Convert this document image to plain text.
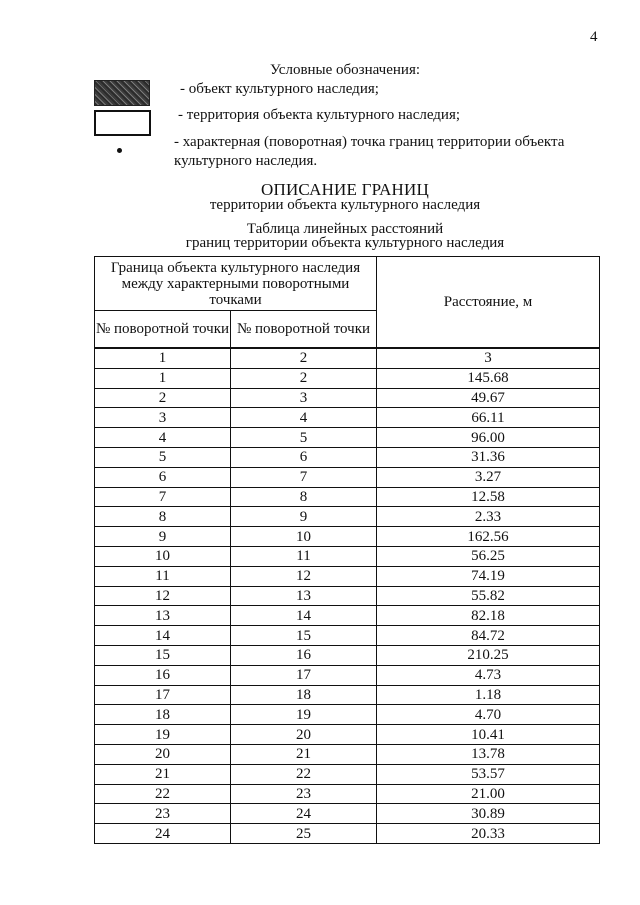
4
Условные обозначения:
- объект культурного наследия;
- территория объекта культурного наследия;
- характерная (поворотная) точка границ территории объекта культурного наследия.
ОПИСАНИЕ ГРАНИЦ
территории объекта культурного наследия
Таблица линейных расстояний
границ территории объекта культурного наследия
Граница объекта культурного наследия между характерными поворотными точками		Расстояние, м
№ поворотной точки	№ поворотной точки	
1	2	3
1	2	145.68
2	3	49.67
3	4	66.11
4	5	96.00
5	6	31.36
6	7	3.27
7	8	12.58
8	9	2.33
9	10	162.56
10	11	56.25
11	12	74.19
12	13	55.82
13	14	82.18
14	15	84.72
15	16	210.25
16	17	4.73
17	18	1.18
18	19	4.70
19	20	10.41
20	21	13.78
21	22	53.57
22	23	21.00
23	24	30.89
24	25	20.33
